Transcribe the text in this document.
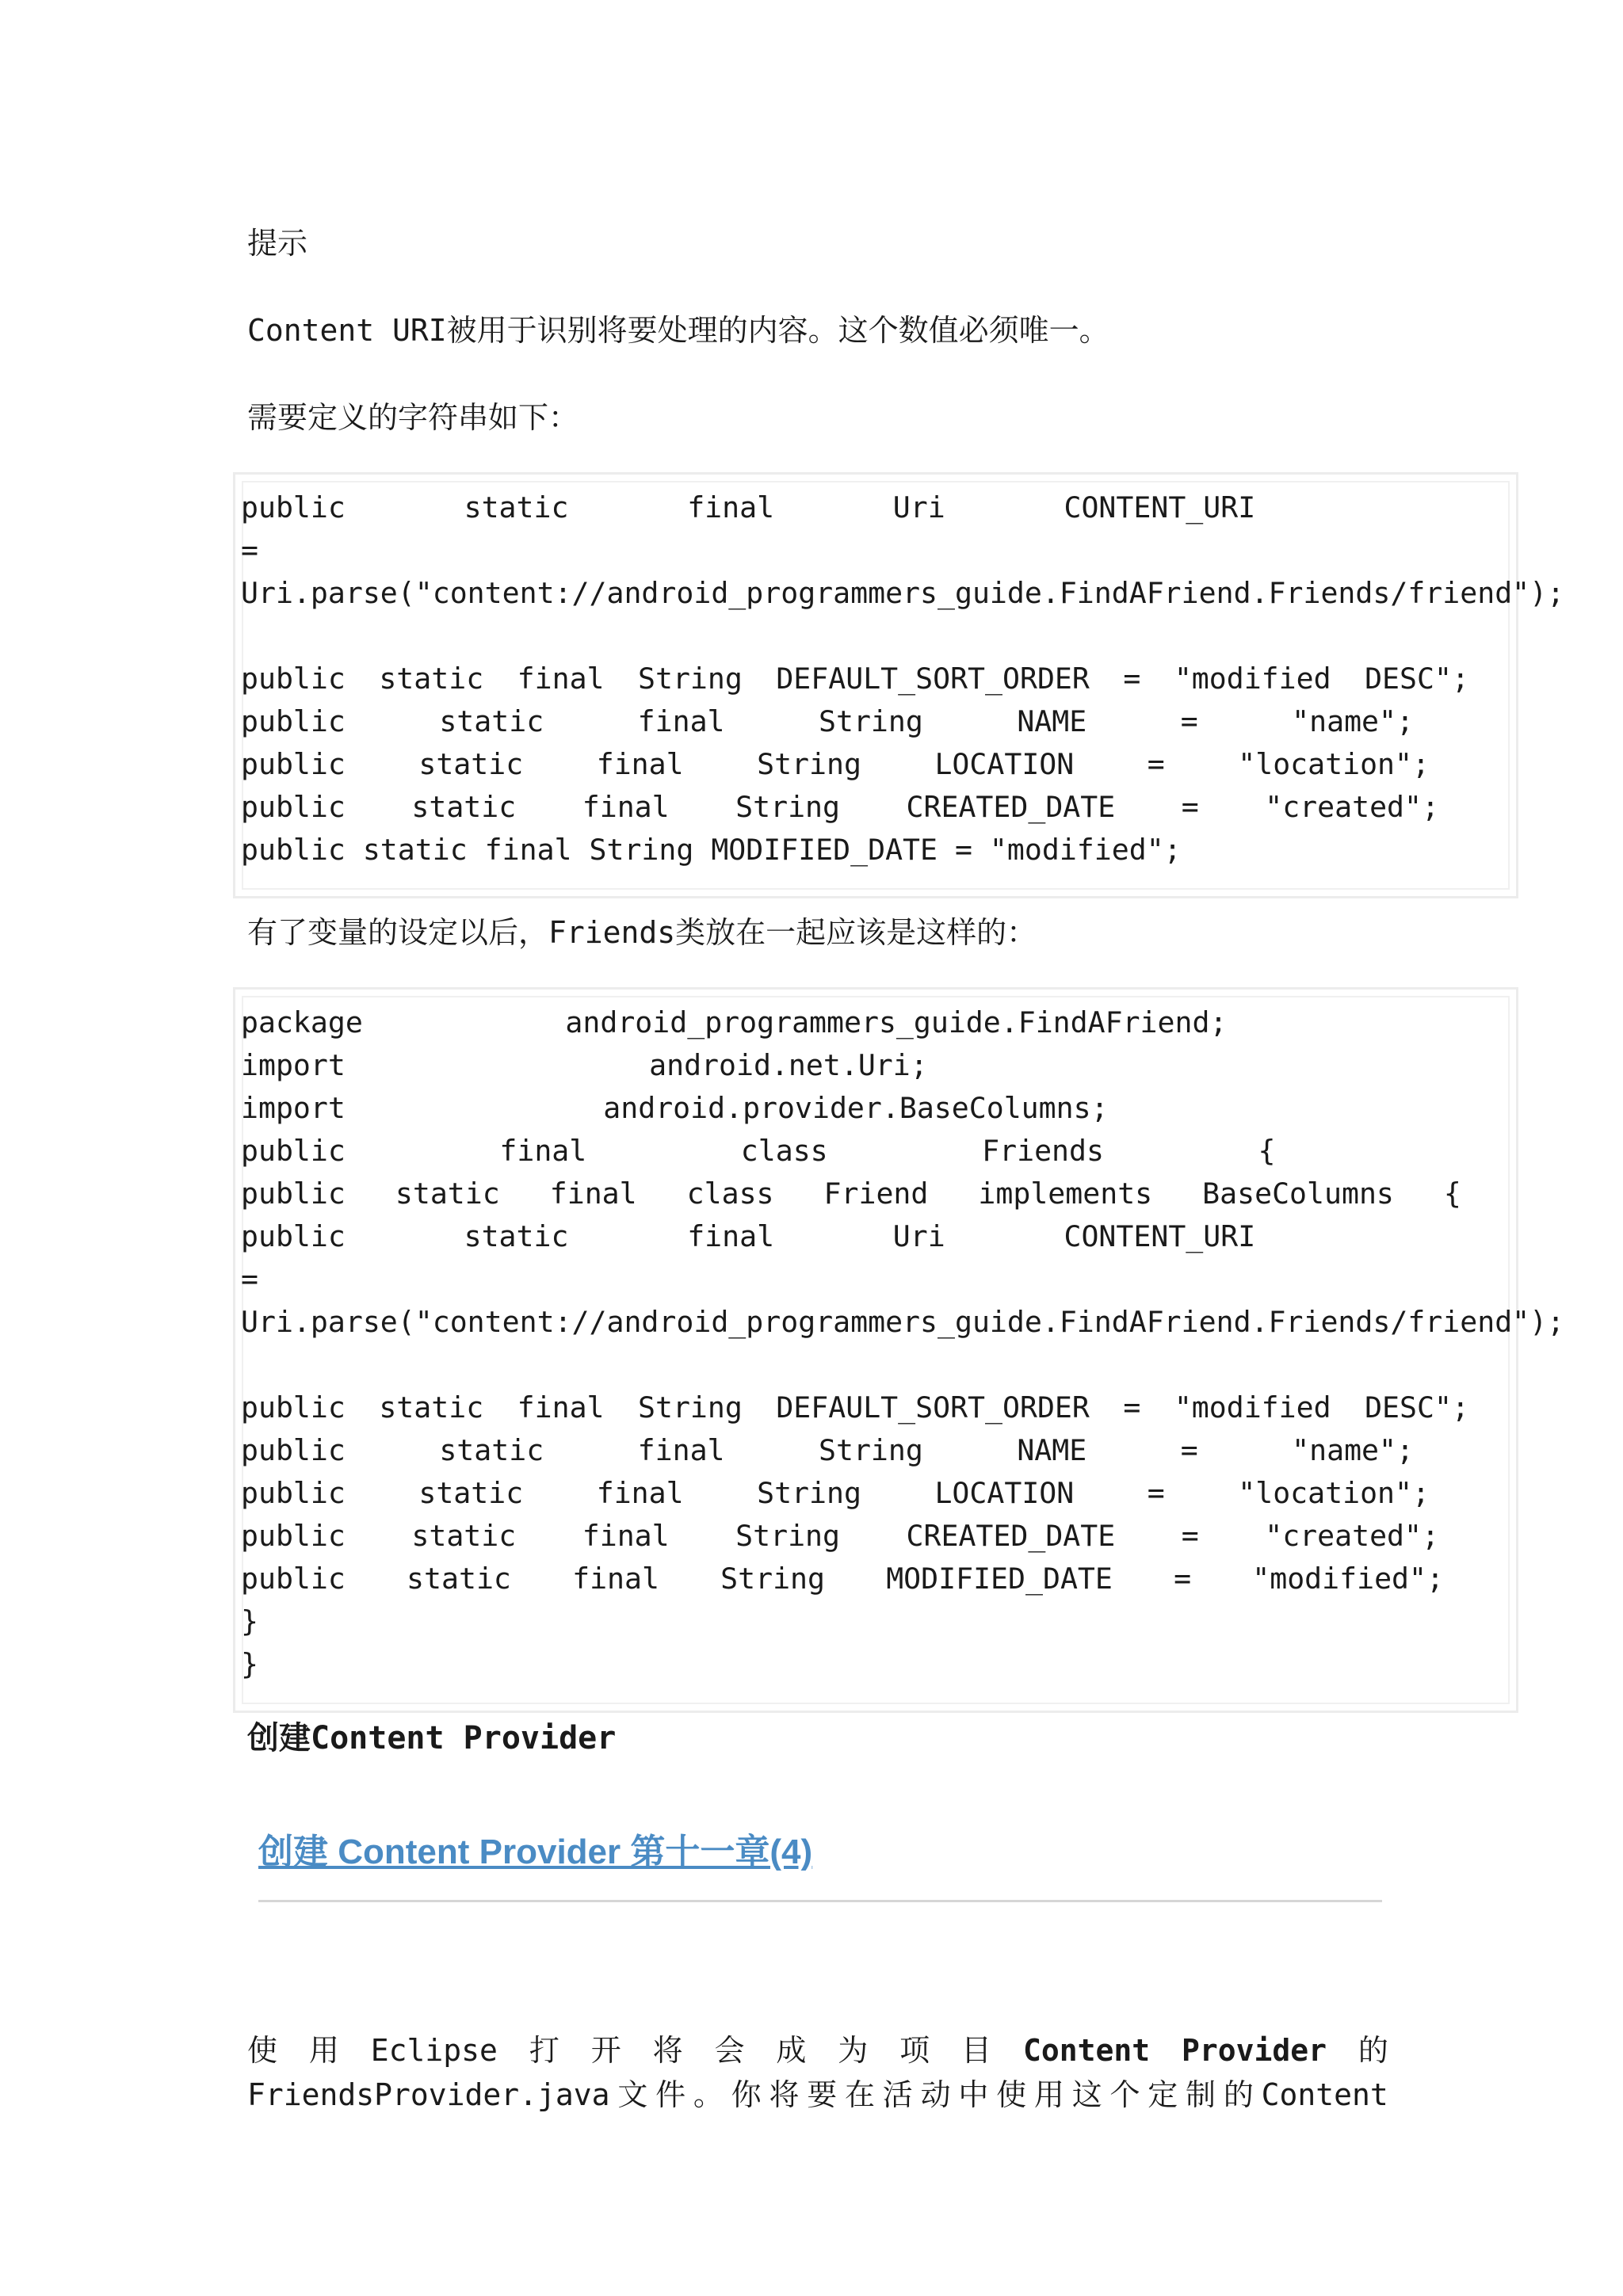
提示
Content URI被用于识别将要处理的内容。这个数值必须唯一。
需要定义的字符串如下：
public	static	final	Uri	CONTENT_URI
=
Uri.parse("content://android_programmers_guide.FindAFriend.Friends/friend");
public static final String DEFAULT_SORT_ORDER = "modified DESC";
public	static	final	String	NAME	=	"name";
public	static	final	String	LOCATION	=	"location";
public static final String CREATED_DATE = "created";
public static final String MODIFIED_DATE = "modified";
有了变量的设定以后，Friends类放在一起应该是这样的：
package	android_programmers_guide.FindAFriend;
import	android.net.Uri;
import	android.provider.BaseColumns;
public	final	class	Friends	{
public static final class Friend implements BaseColumns {
public	static	final	Uri	CONTENT_URI
=
Uri.parse("content://android_programmers_guide.FindAFriend.Friends/friend");
public static final String DEFAULT_SORT_ORDER = "modified DESC";
public	static	final	String	NAME	=	"name";
public	static	final	String	LOCATION	=	"location";
public static final String CREATED_DATE = "created";
public static final String MODIFIED_DATE = "modified";
}
}
创建Content Provider
创建 Content Provider 第十一章(4)
使 用 Eclipse 打 开 将 会 成 为 项 目 Content Provider 的
FriendsProvider.java 文 件 。 你 将 要 在 活 动 中 使 用 这 个 定 制 的 Content
